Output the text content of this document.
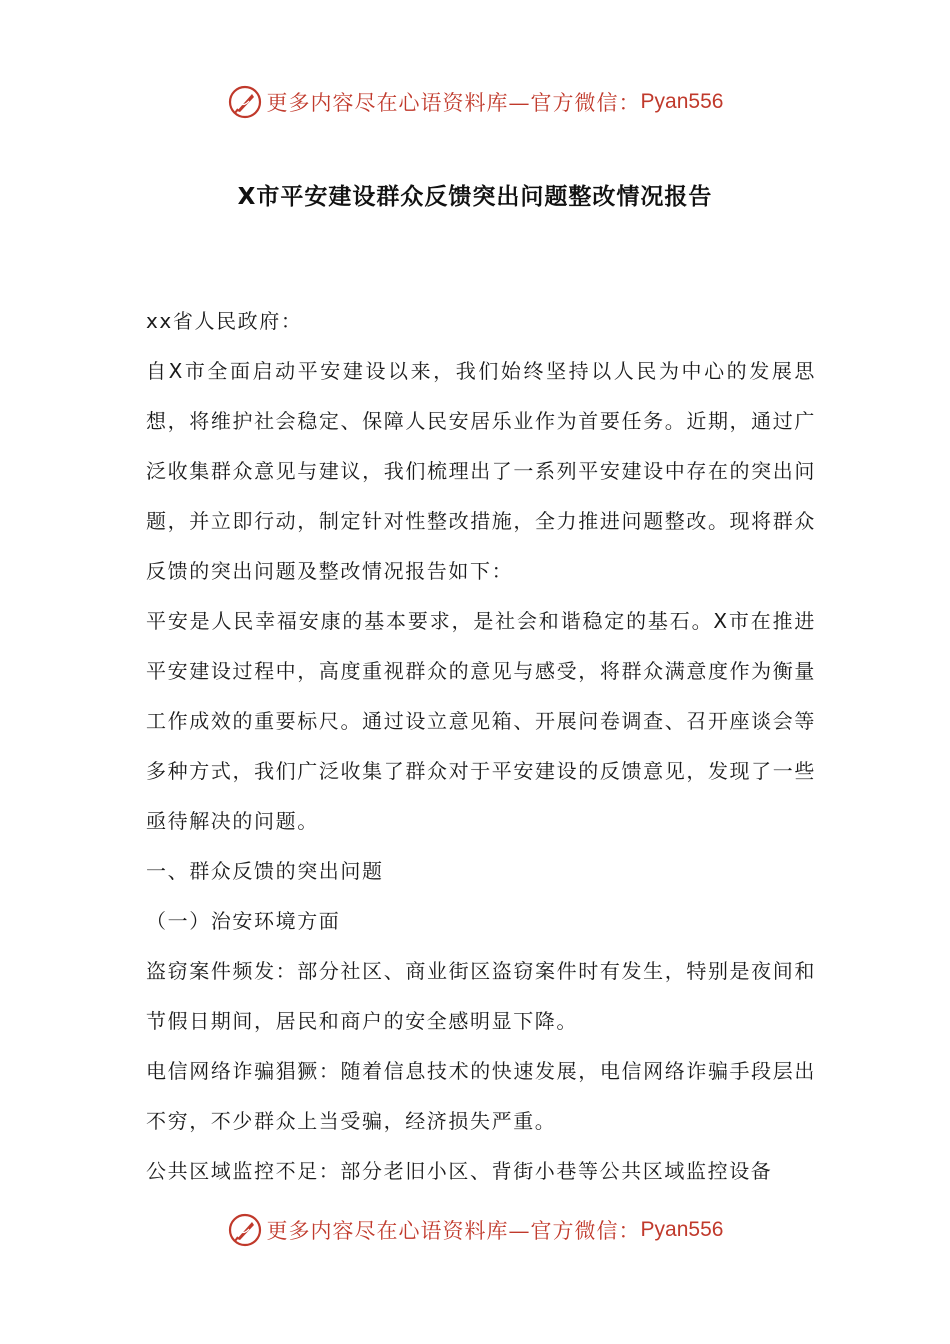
更多内容尽在心语资料库—官方微信： Pyan556
X市平安建设群众反馈突出问题整改情况报告

xx省人民政府：

自X市全面启动平安建设以来，我们始终坚持以人民为中心的发展思想，将维护社会稳定、保障人民安居乐业作为首要任务。近期，通过广泛收集群众意见与建议，我们梳理出了一系列平安建设中存在的突出问题，并立即行动，制定针对性整改措施，全力推进问题整改。现将群众反馈的突出问题及整改情况报告如下：

平安是人民幸福安康的基本要求，是社会和谐稳定的基石。X市在推进平安建设过程中，高度重视群众的意见与感受，将群众满意度作为衡量工作成效的重要标尺。通过设立意见箱、开展问卷调查、召开座谈会等多种方式，我们广泛收集了群众对于平安建设的反馈意见，发现了一些亟待解决的问题。

一、群众反馈的突出问题

（一）治安环境方面

盗窃案件频发：部分社区、商业街区盗窃案件时有发生，特别是夜间和节假日期间，居民和商户的安全感明显下降。

电信网络诈骗猖獗：随着信息技术的快速发展，电信网络诈骗手段层出不穷，不少群众上当受骗，经济损失严重。

公共区域监控不足：部分老旧小区、背街小巷等公共区域监控设备

更多内容尽在心语资料库—官方微信： Pyan556
